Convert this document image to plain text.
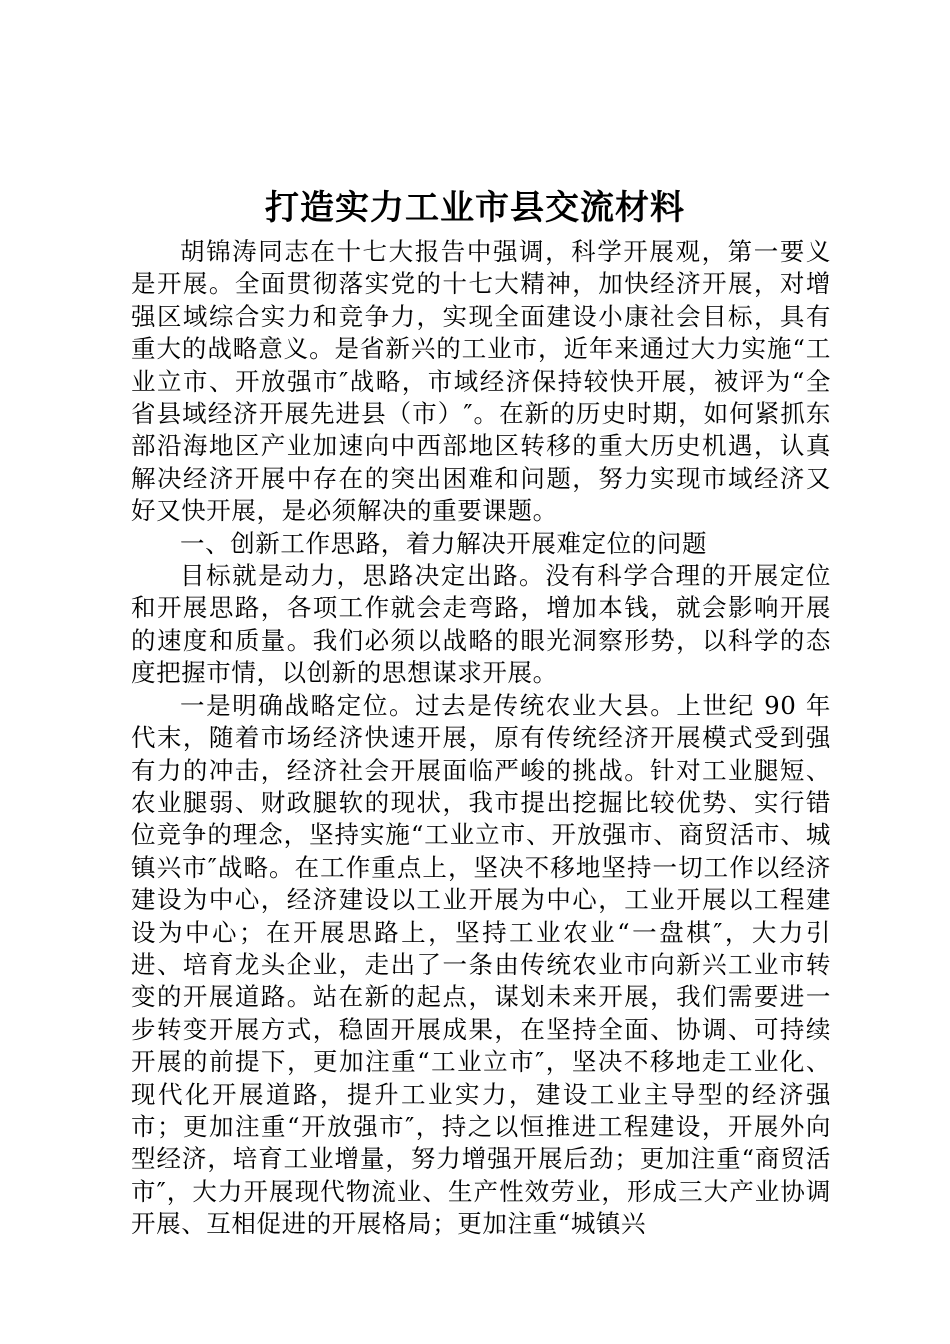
打造实力工业市县交流材料

胡锦涛同志在十七大报告中强调，科学开展观，第一要义是开展。全面贯彻落实党的十七大精神，加快经济开展，对增强区域综合实力和竞争力，实现全面建设小康社会目标，具有重大的战略意义。是省新兴的工业市，近年来通过大力实施“工业立市、开放强市″战略，市域经济保持较快开展，被评为“全省县域经济开展先进县（市）″。在新的历史时期，如何紧抓东部沿海地区产业加速向中西部地区转移的重大历史机遇，认真解决经济开展中存在的突出困难和问题，努力实现市域经济又好又快开展，是必须解决的重要课题。

一、创新工作思路，着力解决开展难定位的问题

目标就是动力，思路决定出路。没有科学合理的开展定位和开展思路，各项工作就会走弯路，增加本钱，就会影响开展的速度和质量。我们必须以战略的眼光洞察形势，以科学的态度把握市情，以创新的思想谋求开展。

一是明确战略定位。过去是传统农业大县。上世纪 90 年代末，随着市场经济快速开展，原有传统经济开展模式受到强有力的冲击，经济社会开展面临严峻的挑战。针对工业腿短、农业腿弱、财政腿软的现状，我市提出挖掘比较优势、实行错位竞争的理念，坚持实施“工业立市、开放强市、商贸活市、城镇兴市″战略。在工作重点上，坚决不移地坚持一切工作以经济建设为中心，经济建设以工业开展为中心，工业开展以工程建设为中心；在开展思路上，坚持工业农业“一盘棋″，大力引进、培育龙头企业，走出了一条由传统农业市向新兴工业市转变的开展道路。站在新的起点，谋划未来开展，我们需要进一步转变开展方式，稳固开展成果，在坚持全面、协调、可持续开展的前提下，更加注重“工业立市″，坚决不移地走工业化、现代化开展道路，提升工业实力，建设工业主导型的经济强市；更加注重“开放强市″，持之以恒推进工程建设，开展外向型经济，培育工业增量，努力增强开展后劲；更加注重“商贸活市″，大力开展现代物流业、生产性效劳业，形成三大产业协调开展、互相促进的开展格局；更加注重“城镇兴
